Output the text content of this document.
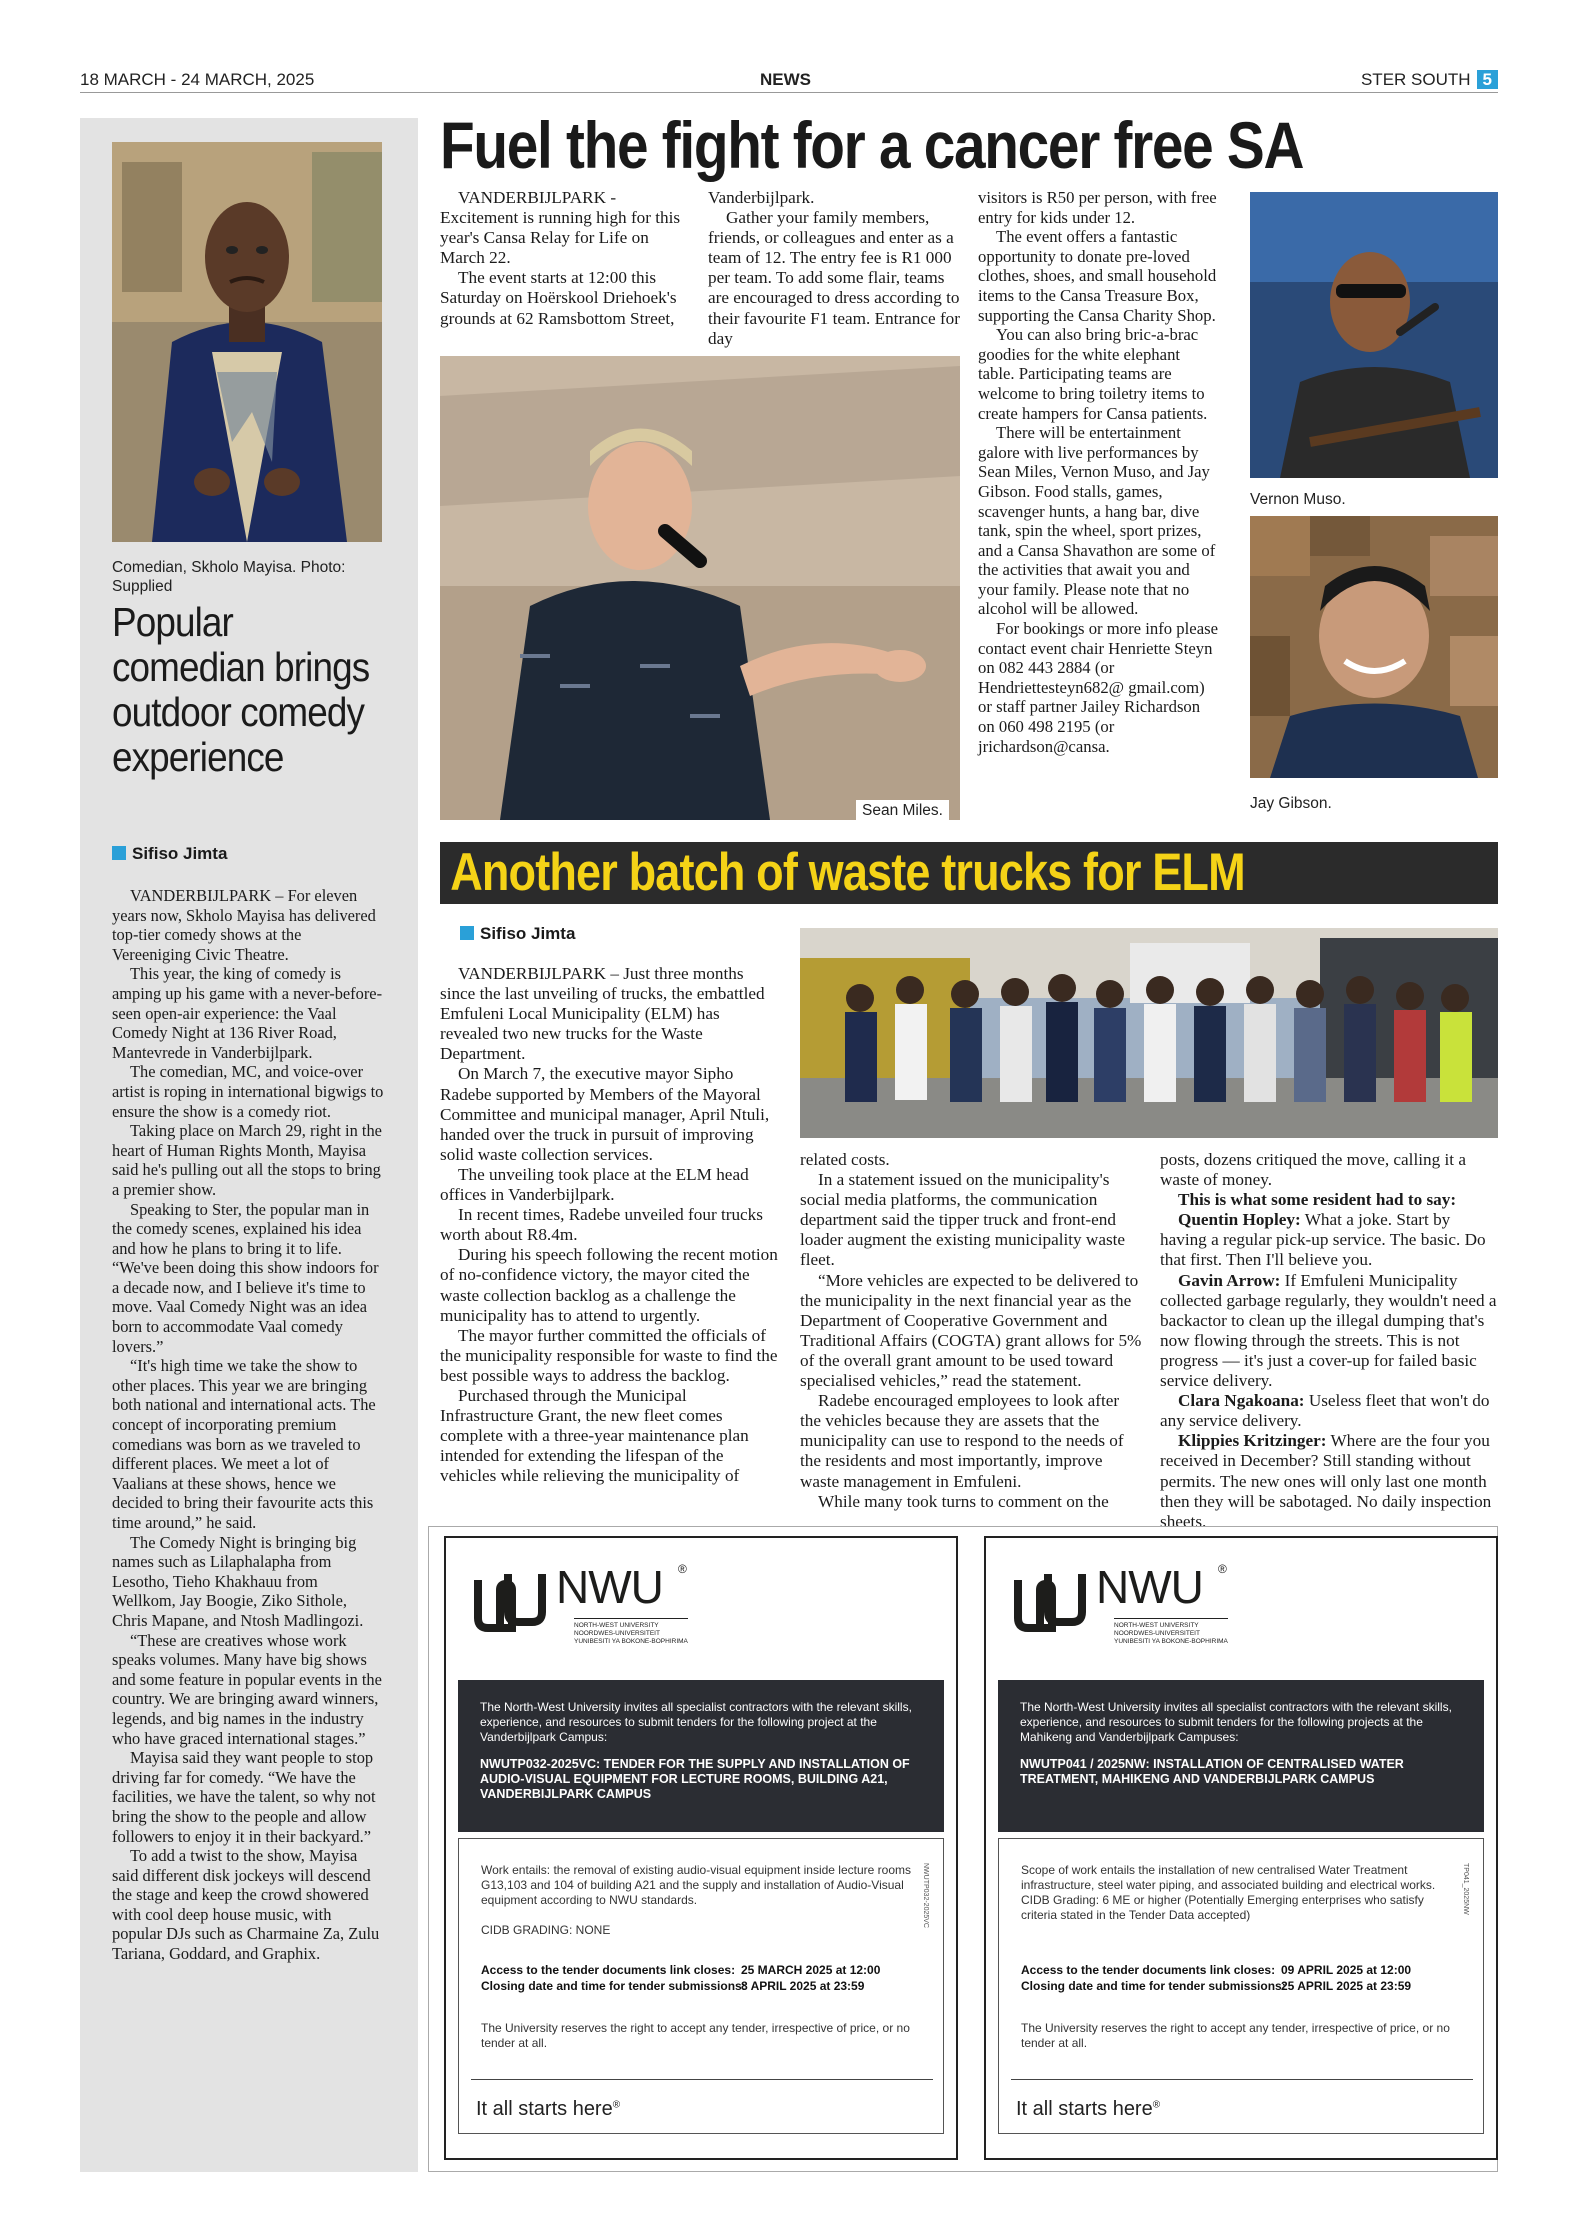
18 MARCH - 24 MARCH, 2025	NEWS	STER SOUTH 5
Comedian, Skholo Mayisa. Photo: Supplied
Popular comedian brings outdoor comedy experience
Sifiso Jimta

VANDERBIJLPARK – For eleven years now, Skholo Mayisa has delivered top-tier comedy shows at the Vereeniging Civic Theatre.

This year, the king of comedy is amping up his game with a never-before-seen open-air experience: the Vaal Comedy Night at 136 River Road, Mantevrede in Vanderbijlpark.

The comedian, MC, and voice-over artist is roping in international bigwigs to ensure the show is a comedy riot.

Taking place on March 29, right in the heart of Human Rights Month, Mayisa said he's pulling out all the stops to bring a premier show.

Speaking to Ster, the popular man in the comedy scenes, explained his idea and how he plans to bring it to life. “We've been doing this show indoors for a decade now, and I believe it's time to move. Vaal Comedy Night was an idea born to accommodate Vaal comedy lovers.”

“It's high time we take the show to other places. This year we are bringing both national and international acts. The concept of incorporating premium comedians was born as we traveled to different places. We meet a lot of Vaalians at these shows, hence we decided to bring their favourite acts this time around,” he said.

The Comedy Night is bringing big names such as Lilaphalapha from Lesotho, Tieho Khakhauu from Wellkom, Jay Boogie, Ziko Sithole, Chris Mapane, and Ntosh Madlingozi.

“These are creatives whose work speaks volumes. Many have big shows and some feature in popular events in the country. We are bringing award winners, legends, and big names in the industry who have graced international stages.”

Mayisa said they want people to stop driving far for comedy. “We have the facilities, we have the talent, so why not bring the show to the people and allow followers to enjoy it in their backyard.”

To add a twist to the show, Mayisa said different disk jockeys will descend the stage and keep the crowd showered with cool deep house music, with popular DJs such as Charmaine Za, Zulu Tariana, Goddard, and Graphix.

Fuel the fight for a cancer free SA

VANDERBIJLPARK - Excitement is running high for this year's Cansa Relay for Life on March 22.

The event starts at 12:00 this Saturday on Hoërskool Driehoek's grounds at 62 Ramsbottom Street,

Vanderbijlpark.

Gather your family members, friends, or colleagues and enter as a team of 12. The entry fee is R1 000 per team. To add some flair, teams are encouraged to dress according to their favourite F1 team. Entrance for day

visitors is R50 per person, with free entry for kids under 12.

The event offers a fantastic opportunity to donate pre-loved clothes, shoes, and small household items to the Cansa Treasure Box, supporting the Cansa Charity Shop.

You can also bring bric-a-brac goodies for the white elephant table. Participating teams are welcome to bring toiletry items to create hampers for Cansa patients.

There will be entertainment galore with live performances by Sean Miles, Vernon Muso, and Jay Gibson. Food stalls, games, scavenger hunts, a hang bar, dive tank, spin the wheel, sport prizes, and a Cansa Shavathon are some of the activities that await you and your family. Please note that no alcohol will be allowed.

For bookings or more info please contact event chair Henriette Steyn on 082 443 2884 (or Hendriettesteyn682@ gmail.com) or staff partner Jailey Richardson on 060 498 2195 (or jrichardson@cansa.

Sean Miles.
Vernon Muso.
Jay Gibson.
Another batch of waste trucks for ELM
Sifiso Jimta

VANDERBIJLPARK – Just three months since the last unveiling of trucks, the embattled Emfuleni Local Municipality (ELM) has revealed two new trucks for the Waste Department.

On March 7, the executive mayor Sipho Radebe supported by Members of the Mayoral Committee and municipal manager, April Ntuli, handed over the truck in pursuit of improving solid waste collection services.

The unveiling took place at the ELM head offices in Vanderbijlpark.

In recent times, Radebe unveiled four trucks worth about R8.4m.

During his speech following the recent motion of no-confidence victory, the mayor cited the waste collection backlog as a challenge the municipality has to attend to urgently.

The mayor further committed the officials of the municipality responsible for waste to find the best possible ways to address the backlog.

Purchased through the Municipal Infrastructure Grant, the new fleet comes complete with a three-year maintenance plan intended for extending the lifespan of the vehicles while relieving the municipality of

related costs.

In a statement issued on the municipality's social media platforms, the communication department said the tipper truck and front-end loader augment the existing municipality waste fleet.

“More vehicles are expected to be delivered to the municipality in the next financial year as the Department of Cooperative Government and Traditional Affairs (COGTA) grant allows for 5% of the overall grant amount to be used toward specialised vehicles,” read the statement.

Radebe encouraged employees to look after the vehicles because they are assets that the municipality can use to respond to the needs of the residents and most importantly, improve waste management in Emfuleni.

While many took turns to comment on the

posts, dozens critiqued the move, calling it a waste of money.

This is what some resident had to say:

Quentin Hopley: What a joke. Start by having a regular pick-up service. The basic. Do that first. Then I'll believe you.

Gavin Arrow: If Emfuleni Municipality collected garbage regularly, they wouldn't need a backactor to clean up the illegal dumping that's now flowing through the streets. This is not progress — it's just a cover-up for failed basic service delivery.

Clara Ngakoana: Useless fleet that won't do any service delivery.

Klippies Kritzinger: Where are the four you received in December? Still standing without permits. The new ones will only last one month then they will be sabotaged. No daily inspection sheets.

NWU ®
NORTH-WEST UNIVERSITY
NOORDWES-UNIVERSITEIT
YUNIBESITI YA BOKONE-BOPHIRIMA
The North-West University invites all specialist contractors with the relevant skills, experience, and resources to submit tenders for the following project at the Vanderbijlpark Campus:
NWUTP032-2025VC: TENDER FOR THE SUPPLY AND INSTALLATION OF AUDIO-VISUAL EQUIPMENT FOR LECTURE ROOMS, BUILDING A21, VANDERBIJLPARK CAMPUS
Work entails: the removal of existing audio-visual equipment inside lecture rooms G13,103 and 104 of building A21 and the supply and installation of Audio-Visual equipment according to NWU standards.
CIDB GRADING: NONE
NWUTP032-2025VC
Access to the tender documents link closes: 25 MARCH 2025 at 12:00
Closing date and time for tender submissions:
8 APRIL 2025 at 23:59
The University reserves the right to accept any tender, irrespective of price, or no tender at all.
It all starts here®
NWU ®
NORTH-WEST UNIVERSITY
NOORDWES-UNIVERSITEIT
YUNIBESITI YA BOKONE-BOPHIRIMA
The North-West University invites all specialist contractors with the relevant skills, experience, and resources to submit tenders for the following projects at the Mahikeng and Vanderbijlpark Campuses:
NWUTP041 / 2025NW: INSTALLATION OF CENTRALISED WATER TREATMENT, MAHIKENG AND VANDERBIJLPARK CAMPUS
Scope of work entails the installation of new centralised Water Treatment infrastructure, steel water piping, and associated building and electrical works. CIDB Grading: 6 ME or higher (Potentially Emerging enterprises who satisfy criteria stated in the Tender Data accepted)
TP041_2025NW
Access to the tender documents link closes: 09 APRIL 2025 at 12:00
Closing date and time for tender submissions:
25 APRIL 2025 at 23:59
The University reserves the right to accept any tender, irrespective of price, or no tender at all.
It all starts here®
